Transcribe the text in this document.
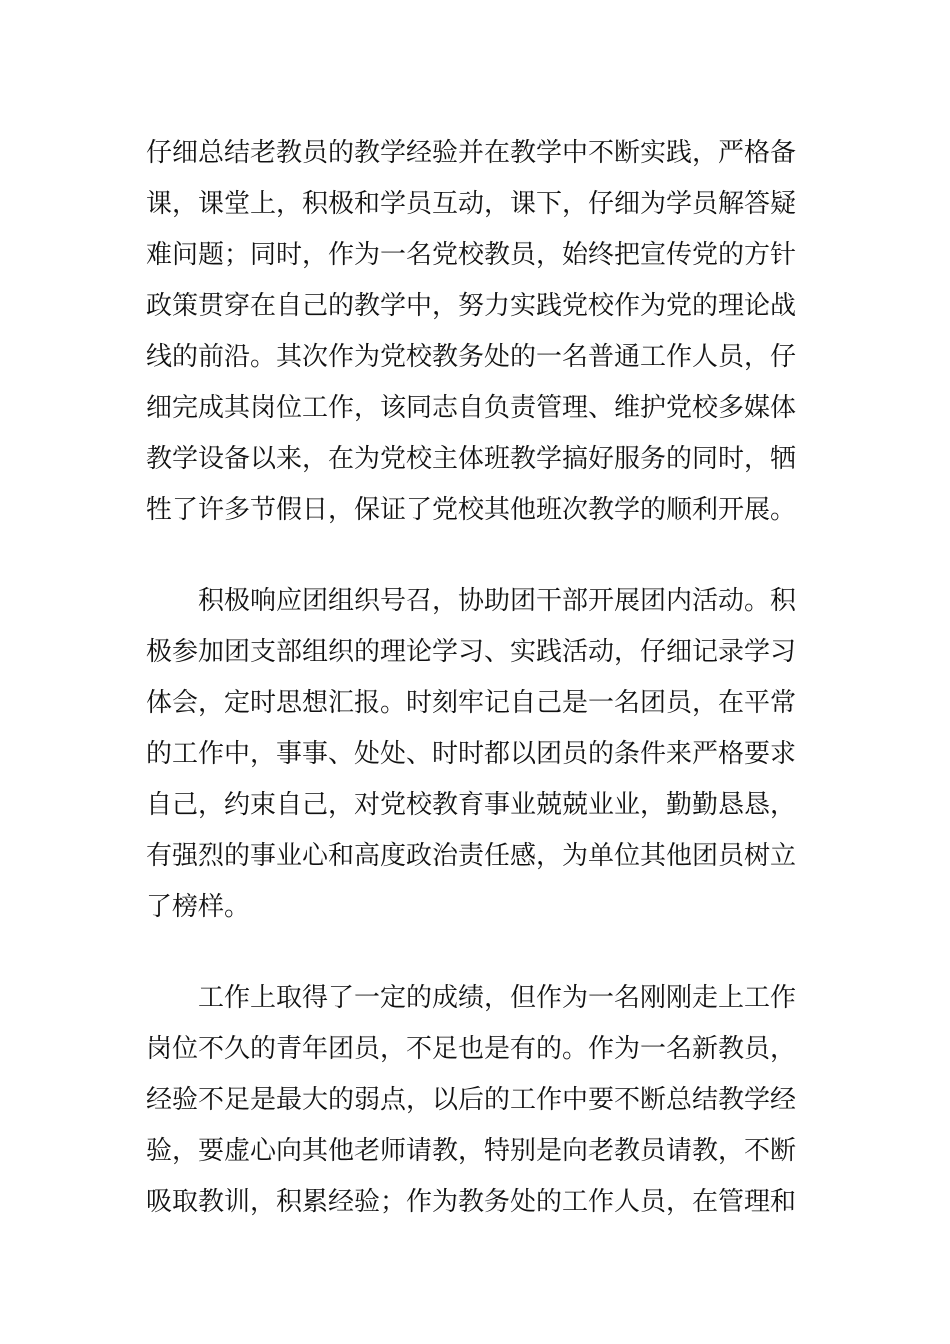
仔细总结老教员的教学经验并在教学中不断实践，严格备
课，课堂上，积极和学员互动，课下，仔细为学员解答疑
难问题；同时，作为一名党校教员，始终把宣传党的方针
政策贯穿在自己的教学中，努力实践党校作为党的理论战
线的前沿。其次作为党校教务处的一名普通工作人员，仔
细完成其岗位工作，该同志自负责管理、维护党校多媒体
教学设备以来，在为党校主体班教学搞好服务的同时，牺
牲了许多节假日，保证了党校其他班次教学的顺利开展。
积极响应团组织号召，协助团干部开展团内活动。积
极参加团支部组织的理论学习、实践活动，仔细记录学习
体会，定时思想汇报。时刻牢记自己是一名团员，在平常
的工作中，事事、处处、时时都以团员的条件来严格要求
自己，约束自己，对党校教育事业兢兢业业，勤勤恳恳，
有强烈的事业心和高度政治责任感，为单位其他团员树立
了榜样。
工作上取得了一定的成绩，但作为一名刚刚走上工作
岗位不久的青年团员，不足也是有的。作为一名新教员，
经验不足是最大的弱点，以后的工作中要不断总结教学经
验，要虚心向其他老师请教，特别是向老教员请教，不断
吸取教训，积累经验；作为教务处的工作人员，在管理和
